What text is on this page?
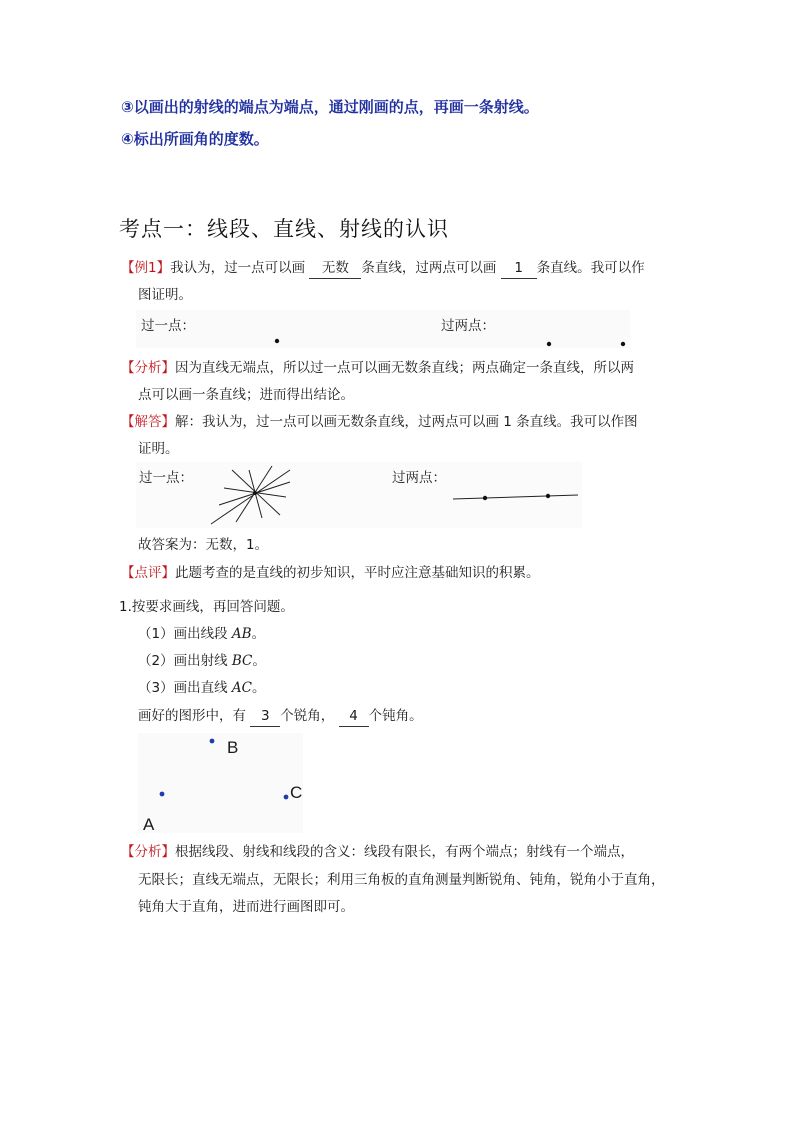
③以画出的射线的端点为端点，通过刚画的点，再画一条射线。
④标出所画角的度数。
考点一：线段、直线、射线的认识
【例1】我认为，过一点可以画 无数 条直线，过两点可以画 1 条直线。我可以作
图证明。
过一点：	过两点：
【分析】因为直线无端点，所以过一点可以画无数条直线；两点确定一条直线，所以两
点可以画一条直线；进而得出结论。
【解答】解：我认为，过一点可以画无数条直线，过两点可以画 1 条直线。我可以作图
证明。
过一点：	过两点：
故答案为：无数，1。
【点评】此题考查的是直线的初步知识，平时应注意基础知识的积累。
1.按要求画线，再回答问题。
（1）画出线段 AB。
（2）画出射线 BC。
（3）画出直线 AC。
画好的图形中，有 3 个锐角， 4 个钝角。
B
A
C
【分析】根据线段、射线和线段的含义：线段有限长，有两个端点；射线有一个端点，
无限长；直线无端点，无限长；利用三角板的直角测量判断锐角、钝角，锐角小于直角，
钝角大于直角，进而进行画图即可。
